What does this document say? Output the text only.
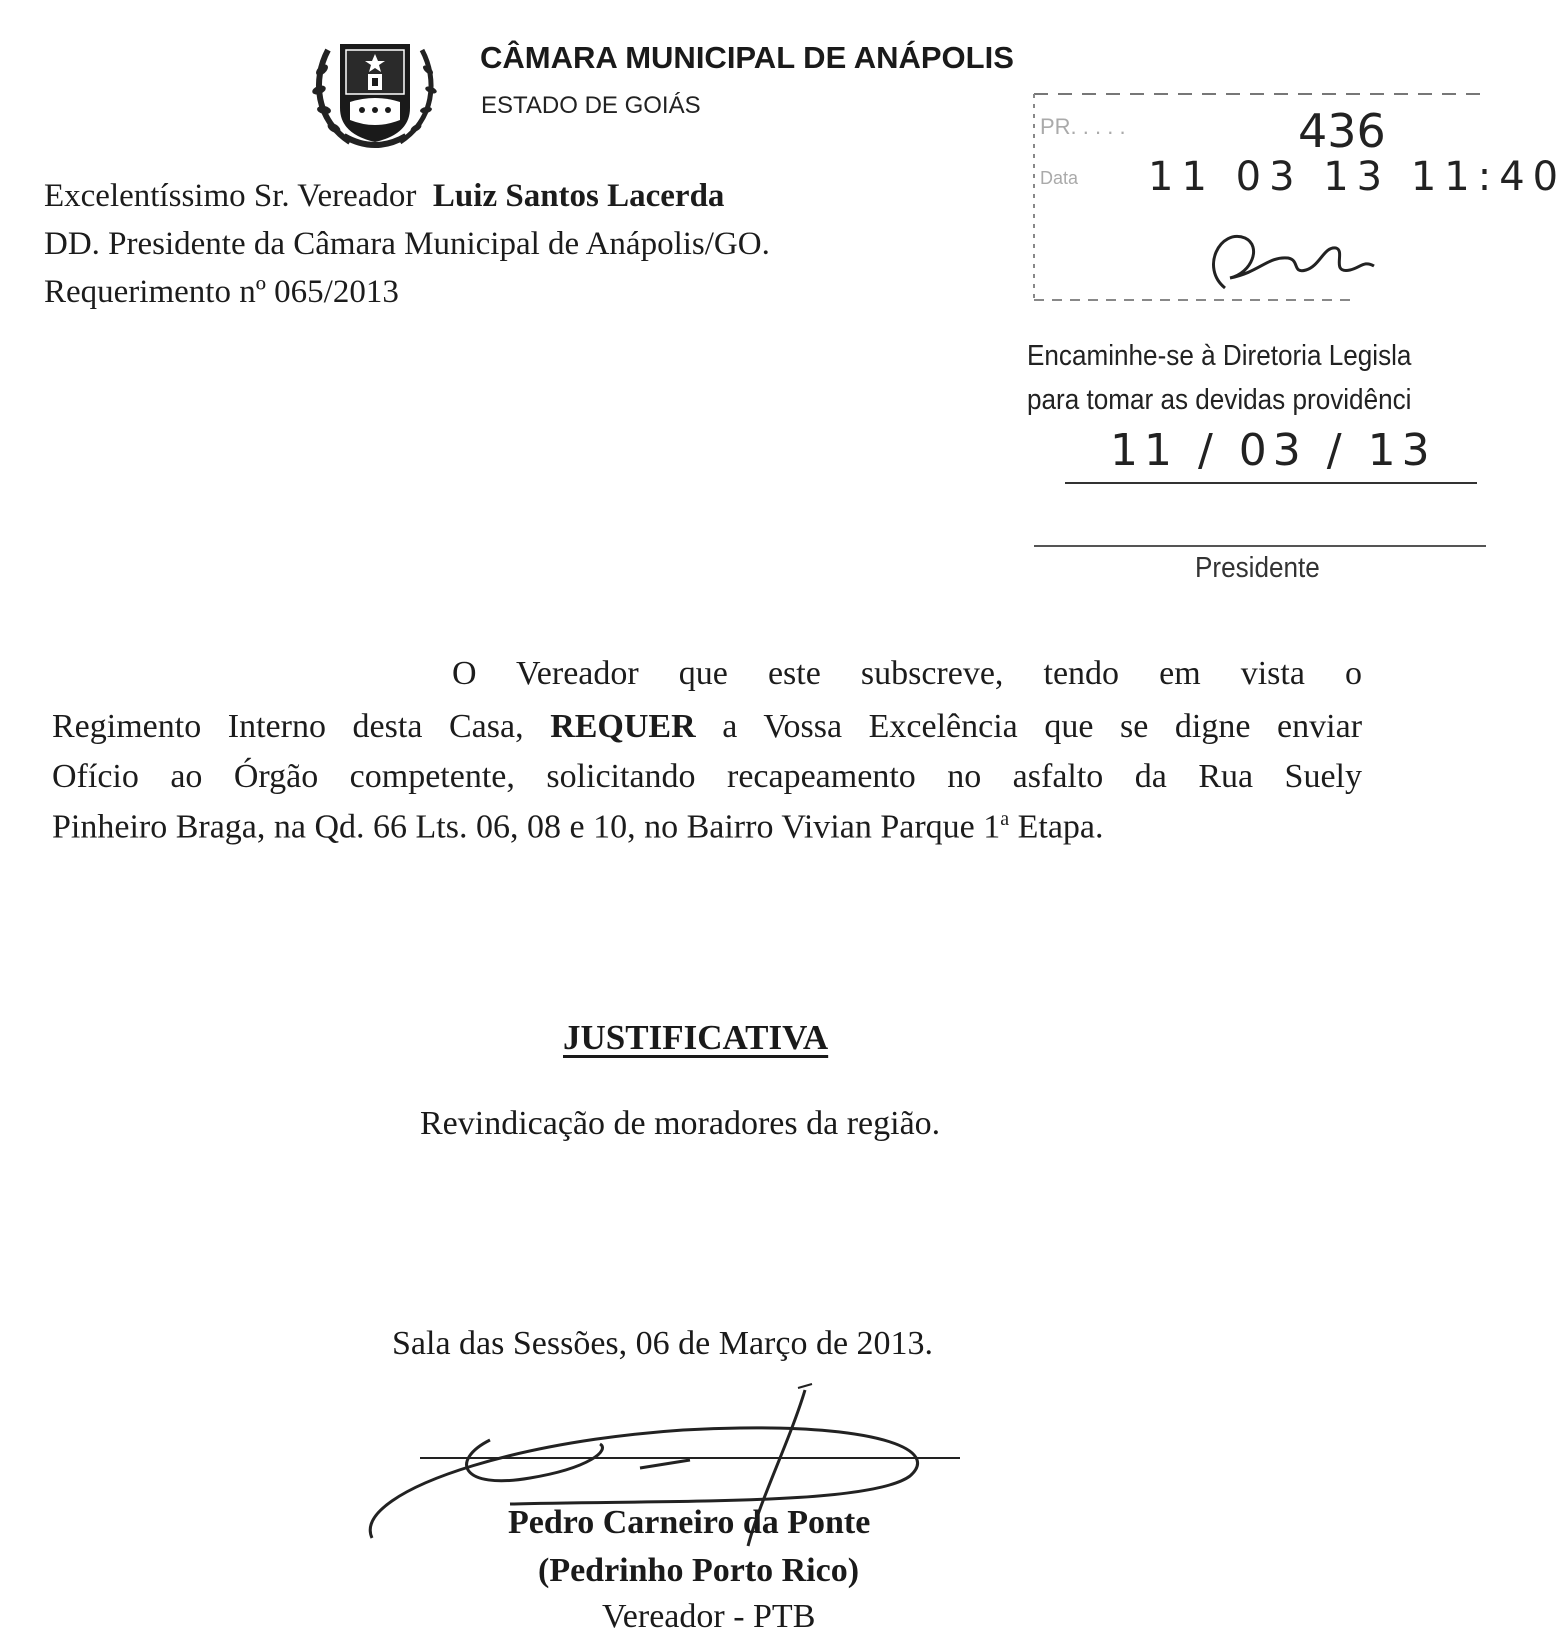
CÂMARA MUNICIPAL DE ANÁPOLIS
ESTADO DE GOIÁS
Excelentíssimo Sr. Vereador Luiz Santos Lacerda
DD. Presidente da Câmara Municipal de Anápolis/GO.
Requerimento nº 065/2013
PR. . . . .
Data
436
11 03 13 11:40
Encaminhe-se à Diretoria Legisla
para tomar as devidas providênci
11 / 03 / 13
Presidente
O Vereador que este subscreve, tendo em vista o
Regimento Interno desta Casa, REQUER a Vossa Excelência que se digne enviar
Ofício ao Órgão competente, solicitando recapeamento no asfalto da Rua Suely
Pinheiro Braga, na Qd. 66 Lts. 06, 08 e 10, no Bairro Vivian Parque 1$^a$ Etapa.
JUSTIFICATIVA
Revindicação de moradores da região.
Sala das Sessões, 06 de Março de 2013.
Pedro Carneiro da Ponte
(Pedrinho Porto Rico)
Vereador - PTB
